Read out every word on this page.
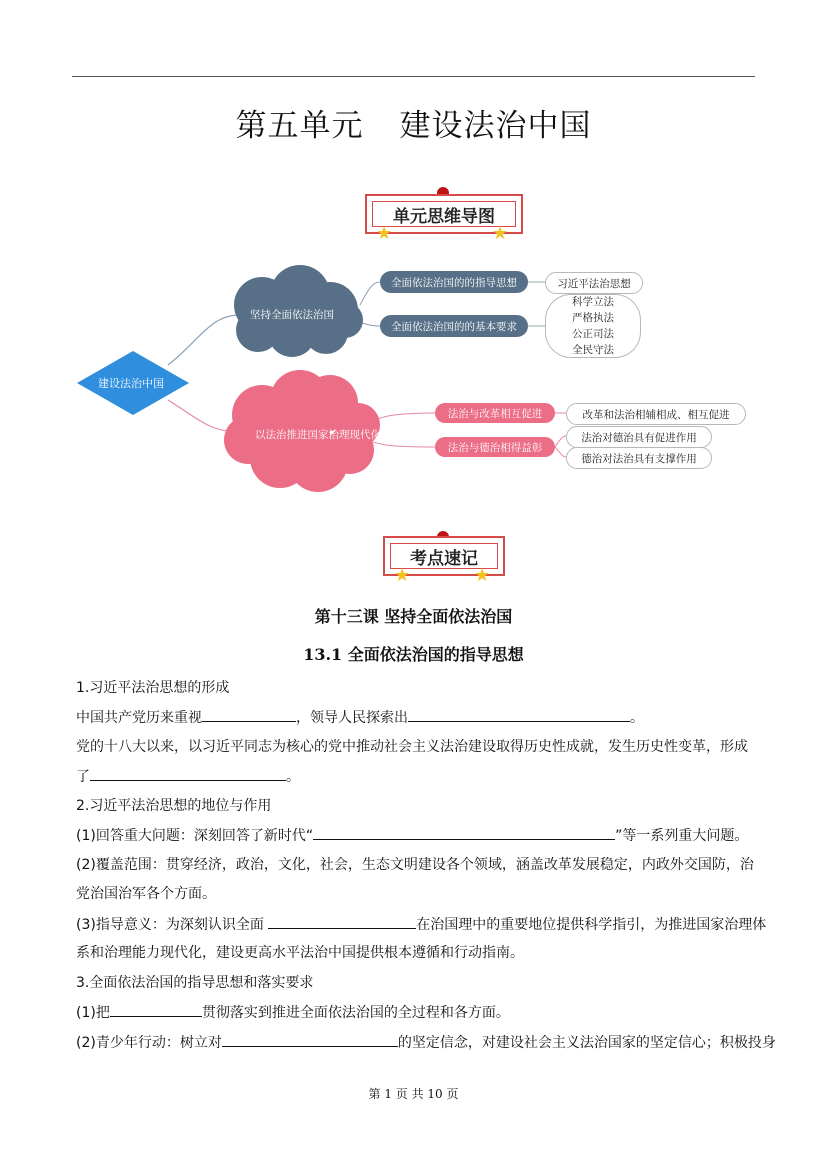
第五单元 建设法治中国
单元思维导图
★	★
建设法治中国
坚持全面依法治国
以法治推进国家治理现代化
全面依法治国的的指导思想
全面依法治国的的基本要求
习近平法治思想
科学立法
严格执法
公正司法
全民守法
法治与改革相互促进
法治与德治相得益彰
改革和法治相辅相成、相互促进
法治对德治具有促进作用
德治对法治具有支撑作用
考点速记
★	★
第十三课 坚持全面依法治国
13.1 全面依法治国的指导思想
1.习近平法治思想的形成
中国共产党历来重视	，领导人民探索出	。
党的十八大以来，以习近平同志为核心的党中推动社会主义法治建设取得历史性成就，发生历史性变革，形成
了	。
2.习近平法治思想的地位与作用
(1)回答重大问题：深刻回答了新时代“	”等一系列重大问题。
(2)覆盖范围：贯穿经济，政治，文化，社会，生态文明建设各个领域，涵盖改革发展稳定，内政外交国防，治
党治国治军各个方面。
(3)指导意义：为深刻认识全面	在治国理中的重要地位提供科学指引，为推进国家治理体
系和治理能力现代化，建设更高水平法治中国提供根本遵循和行动指南。
3.全面依法治国的指导思想和落实要求
(1)把	贯彻落实到推进全面依法治国的全过程和各方面。
(2)青少年行动：树立对	的坚定信念，对建设社会主义法治国家的坚定信心；积极投身
第 1 页 共 10 页
